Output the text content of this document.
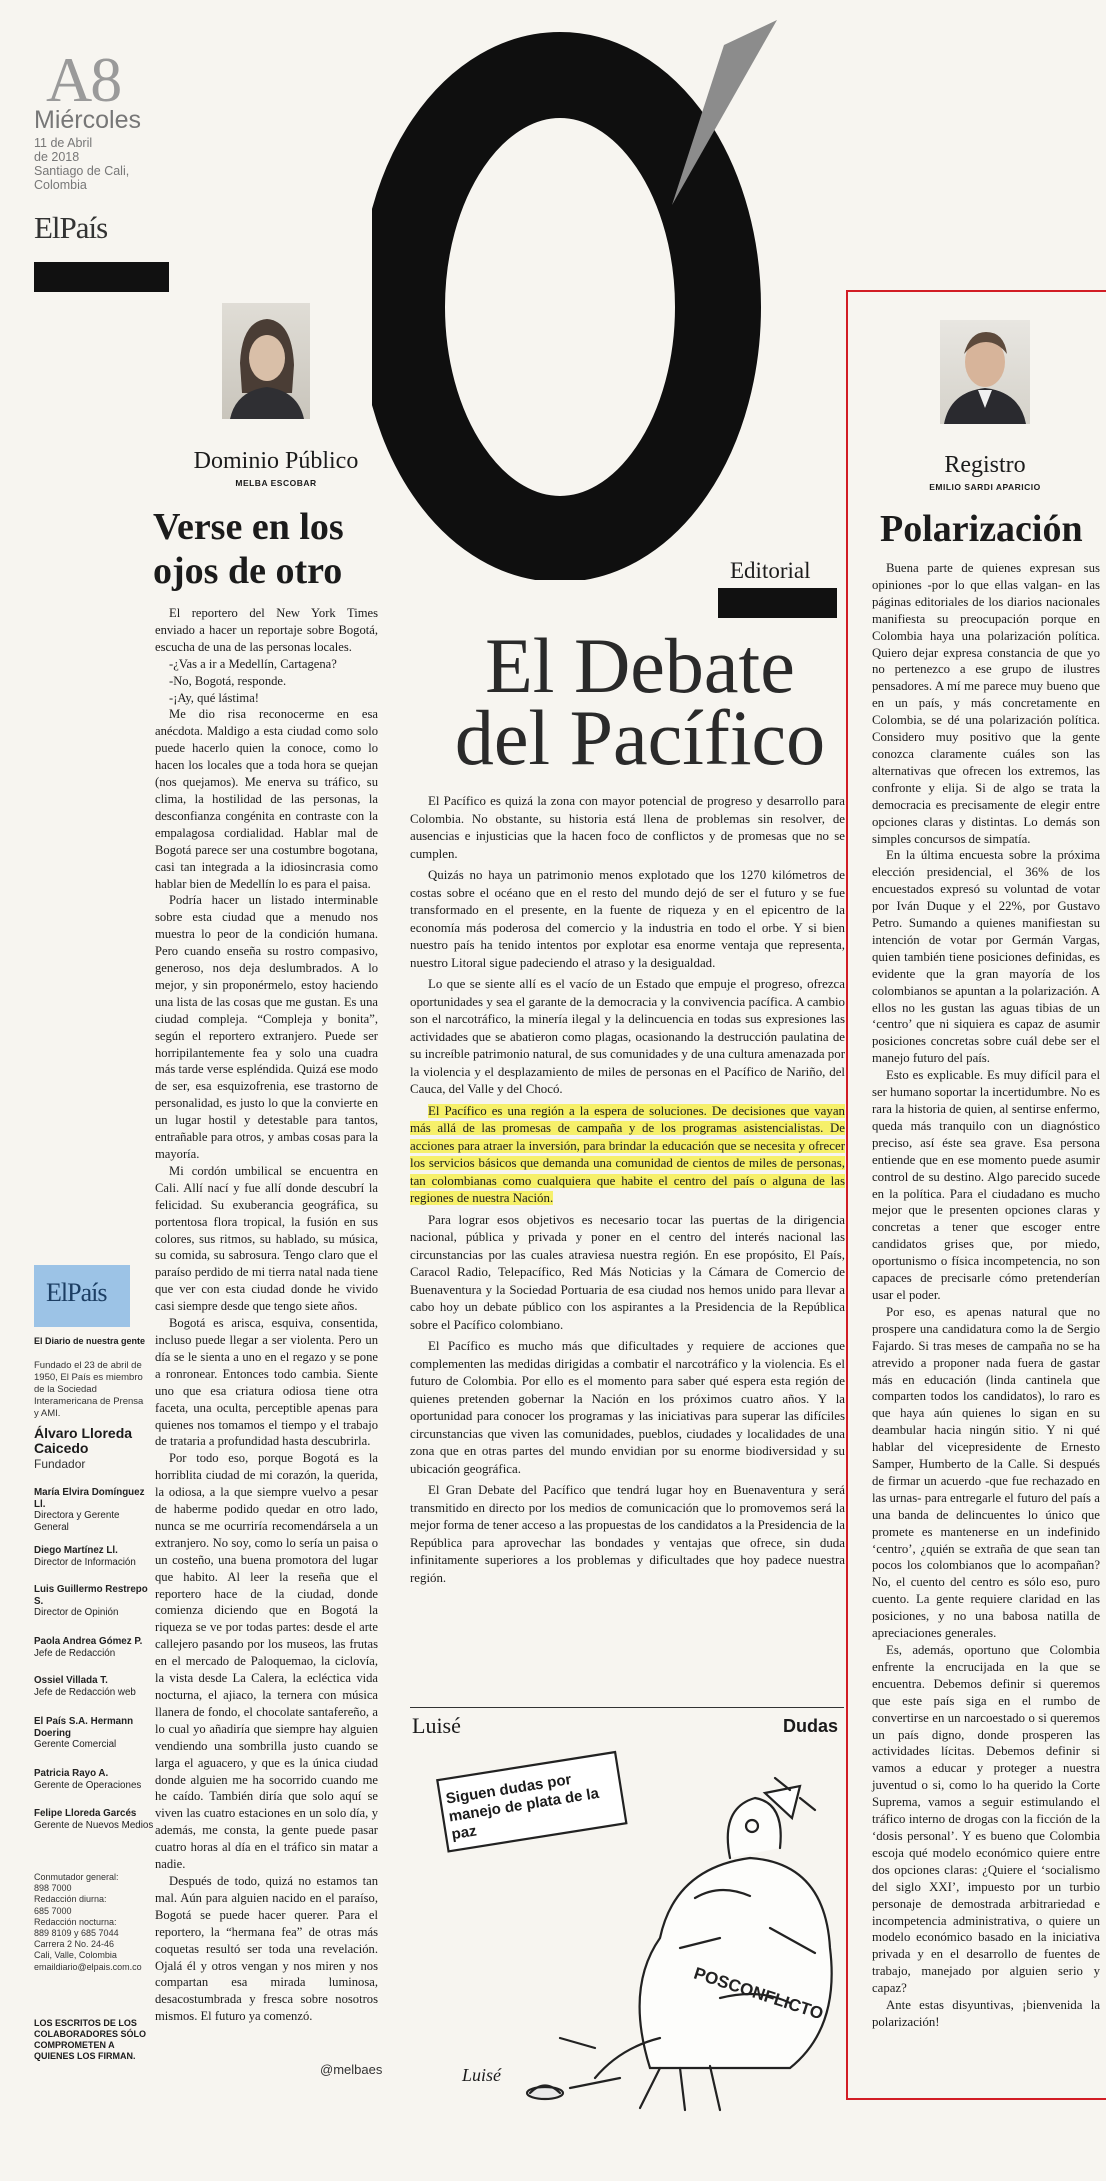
A8
Miércoles
11 de Abril
de 2018
Santiago de Cali,
Colombia
ElPaís
Dominio Público
MELBA ESCOBAR
Verse en los ojos de otro

El reportero del New York Times enviado a hacer un reportaje sobre Bogotá, escucha de una de las personas locales.

-¿Vas a ir a Medellín, Cartagena?

-No, Bogotá, responde.

-¡Ay, qué lástima!

Me dio risa reconocerme en esa anécdota. Maldigo a esta ciudad como solo puede hacerlo quien la conoce, como lo hacen los locales que a toda hora se quejan (nos quejamos). Me enerva su tráfico, su clima, la hostilidad de las personas, la desconfianza congénita en contraste con la empalagosa cordialidad. Hablar mal de Bogotá parece ser una costumbre bogotana, casi tan integrada a la idiosincrasia como hablar bien de Medellín lo es para el paisa.

Podría hacer un listado interminable sobre esta ciudad que a menudo nos muestra lo peor de la condición humana. Pero cuando enseña su rostro compasivo, generoso, nos deja deslumbrados. A lo mejor, y sin proponérmelo, estoy haciendo una lista de las cosas que me gustan. Es una ciudad compleja. “Compleja y bonita”, según el reportero extranjero. Puede ser horripilantemente fea y solo una cuadra más tarde verse espléndida. Quizá ese modo de ser, esa esquizofrenia, ese trastorno de personalidad, es justo lo que la convierte en un lugar hostil y detestable para tantos, entrañable para otros, y ambas cosas para la mayoría.

Mi cordón umbilical se encuentra en Cali. Allí nací y fue allí donde descubrí la felicidad. Su exuberancia geográfica, su portentosa flora tropical, la fusión en sus colores, sus ritmos, su hablado, su música, su comida, su sabrosura. Tengo claro que el paraíso perdido de mi tierra natal nada tiene que ver con esta ciudad donde he vivido casi siempre desde que tengo siete años.

Bogotá es arisca, esquiva, consentida, incluso puede llegar a ser violenta. Pero un día se le sienta a uno en el regazo y se pone a ronronear. Entonces todo cambia. Siente uno que esa criatura odiosa tiene otra faceta, una oculta, perceptible apenas para quienes nos tomamos el tiempo y el trabajo de trataria a profundidad hasta descubrirla.

Por todo eso, porque Bogotá es la horriblita ciudad de mi corazón, la querida, la odiosa, a la que siempre vuelvo a pesar de haberme podido quedar en otro lado, nunca se me ocurriría recomendársela a un extranjero. No soy, como lo sería un paisa o un costeño, una buena promotora del lugar que habito. Al leer la reseña que el reportero hace de la ciudad, donde comienza diciendo que en Bogotá la riqueza se ve por todas partes: desde el arte callejero pasando por los museos, las frutas en el mercado de Paloquemao, la ciclovía, la vista desde La Calera, la ecléctica vida nocturna, el ajiaco, la ternera con música llanera de fondo, el chocolate santafereño, a lo cual yo añadiría que siempre hay alguien vendiendo una sombrilla justo cuando se larga el aguacero, y que es la única ciudad donde alguien me ha socorrido cuando me he caído. También diría que solo aquí se viven las cuatro estaciones en un solo día, y además, me consta, la gente puede pasar cuatro horas al día en el tráfico sin matar a nadie.

Después de todo, quizá no estamos tan mal. Aún para alguien nacido en el paraíso, Bogotá se puede hacer querer. Para el reportero, la “hermana fea” de otras más coquetas resultó ser toda una revelación. Ojalá él y otros vengan y nos miren y nos compartan esa mirada luminosa, desacostumbrada y fresca sobre nosotros mismos. El futuro ya comenzó.

@melbaes
ElPaís
El Diario de nuestra gente
Fundado el 23 de abril de 1950, El País es miembro de la Sociedad Interamericana de Prensa y AMI.
Álvaro Lloreda Caicedo
Fundador
María Elvira Domínguez Ll.
Directora y Gerente General
Diego Martínez Ll.
Director de Información
Luis Guillermo Restrepo S.
Director de Opinión
Paola Andrea Gómez P.
Jefe de Redacción
Ossiel Villada T.
Jefe de Redacción web
El País S.A. Hermann Doering
Gerente Comercial
Patricia Rayo A.
Gerente de Operaciones
Felipe Lloreda Garcés
Gerente de Nuevos Medios
Conmutador general:
898 7000
Redacción diurna:
685 7000
Redacción nocturna:
889 8109 y 685 7044
Carrera 2 No. 24-46
Cali, Valle, Colombia
emaildiario@elpais.com.co
LOS ESCRITOS DE LOS COLABORADORES SÓLO COMPROMETEN A QUIENES LOS FIRMAN.
Editorial
El Debate
del Pacífico

El Pacífico es quizá la zona con mayor potencial de progreso y desarrollo para Colombia. No obstante, su historia está llena de problemas sin resolver, de ausencias e injusticias que la hacen foco de conflictos y de promesas que no se cumplen.

Quizás no haya un patrimonio menos explotado que los 1270 kilómetros de costas sobre el océano que en el resto del mundo dejó de ser el futuro y se fue transformado en el presente, en la fuente de riqueza y en el epicentro de la economía más poderosa del comercio y la industria en todo el orbe. Y si bien nuestro país ha tenido intentos por explotar esa enorme ventaja que representa, nuestro Litoral sigue padeciendo el atraso y la desigualdad.

Lo que se siente allí es el vacío de un Estado que empuje el progreso, ofrezca oportunidades y sea el garante de la democracia y la convivencia pacífica. A cambio son el narcotráfico, la minería ilegal y la delincuencia en todas sus expresiones las actividades que se abatieron como plagas, ocasionando la destrucción paulatina de su increíble patrimonio natural, de sus comunidades y de una cultura amenazada por la violencia y el desplazamiento de miles de personas en el Pacífico de Nariño, del Cauca, del Valle y del Chocó.

El Pacífico es una región a la espera de soluciones. De decisiones que vayan más allá de las promesas de campaña y de los programas asistencialistas. De acciones para atraer la inversión, para brindar la educación que se necesita y ofrecer los servicios básicos que demanda una comunidad de cientos de miles de personas, tan colombianas como cualquiera que habite el centro del país o alguna de las regiones de nuestra Nación.

Para lograr esos objetivos es necesario tocar las puertas de la dirigencia nacional, pública y privada y poner en el centro del interés nacional las circunstancias por las cuales atraviesa nuestra región. En ese propósito, El País, Caracol Radio, Telepacífico, Red Más Noticias y la Cámara de Comercio de Buenaventura y la Sociedad Portuaria de esa ciudad nos hemos unido para llevar a cabo hoy un debate público con los aspirantes a la Presidencia de la República sobre el Pacífico colombiano.

El Pacífico es mucho más que dificultades y requiere de acciones que complementen las medidas dirigidas a combatir el narcotráfico y la violencia. Es el futuro de Colombia. Por ello es el momento para saber qué espera esta región de quienes pretenden gobernar la Nación en los próximos cuatro años. Y la oportunidad para conocer los programas y las iniciativas para superar las difíciles circunstancias que viven las comunidades, pueblos, ciudades y localidades de una zona que en otras partes del mundo envidian por su enorme biodiversidad y su ubicación geográfica.

El Gran Debate del Pacífico que tendrá lugar hoy en Buenaventura y será transmitido en directo por los medios de comunicación que lo promovemos será la mejor forma de tener acceso a las propuestas de los candidatos a la Presidencia de la República para aprovechar las bondades y ventajas que ofrece, sin duda infinitamente superiores a los problemas y dificultades que hoy padece nuestra región.

Luisé	Dudas
POSCONFLICTO
Siguen dudas por manejo de plata de la paz
Luisé
Registro
EMILIO SARDI APARICIO
Polarización

Buena parte de quienes expresan sus opiniones -por lo que ellas valgan- en las páginas editoriales de los diarios nacionales manifiesta su preocupación porque en Colombia haya una polarización política. Quiero dejar expresa constancia de que yo no pertenezco a ese grupo de ilustres pensadores. A mí me parece muy bueno que en un país, y más concretamente en Colombia, se dé una polarización política. Considero muy positivo que la gente conozca claramente cuáles son las alternativas que ofrecen los extremos, las confronte y elija. Si de algo se trata la democracia es precisamente de elegir entre opciones claras y distintas. Lo demás son simples concursos de simpatía.

En la última encuesta sobre la próxima elección presidencial, el 36% de los encuestados expresó su voluntad de votar por Iván Duque y el 22%, por Gustavo Petro. Sumando a quienes manifiestan su intención de votar por Germán Vargas, quien también tiene posiciones definidas, es evidente que la gran mayoría de los colombianos se apuntan a la polarización. A ellos no les gustan las aguas tibias de un ‘centro’ que ni siquiera es capaz de asumir posiciones concretas sobre cuál debe ser el manejo futuro del país.

Esto es explicable. Es muy difícil para el ser humano soportar la incertidumbre. No es rara la historia de quien, al sentirse enfermo, queda más tranquilo con un diagnóstico preciso, así éste sea grave. Esa persona entiende que en ese momento puede asumir control de su destino. Algo parecido sucede en la política. Para el ciudadano es mucho mejor que le presenten opciones claras y concretas a tener que escoger entre candidatos grises que, por miedo, oportunismo o física incompetencia, no son capaces de precisarle cómo pretenderían usar el poder.

Por eso, es apenas natural que no prospere una candidatura como la de Sergio Fajardo. Si tras meses de campaña no se ha atrevido a proponer nada fuera de gastar más en educación (linda cantinela que comparten todos los candidatos), lo raro es que haya aún quienes lo sigan en su deambular hacia ningún sitio. Y ni qué hablar del vicepresidente de Ernesto Samper, Humberto de la Calle. Si después de firmar un acuerdo -que fue rechazado en las urnas- para entregarle el futuro del país a una banda de delincuentes lo único que promete es mantenerse en un indefinido ‘centro’, ¿quién se extraña de que sean tan pocos los colombianos que lo acompañan? No, el cuento del centro es sólo eso, puro cuento. La gente requiere claridad en las posiciones, y no una babosa natilla de apreciaciones generales.

Es, además, oportuno que Colombia enfrente la encrucijada en la que se encuentra. Debemos definir si queremos que este país siga en el rumbo de convertirse en un narcoestado o si queremos un país digno, donde prosperen las actividades lícitas. Debemos definir si vamos a educar y proteger a nuestra juventud o si, como lo ha querido la Corte Suprema, vamos a seguir estimulando el tráfico interno de drogas con la ficción de la ‘dosis personal’. Y es bueno que Colombia escoja qué modelo económico quiere entre dos opciones claras: ¿Quiere el ‘socialismo del siglo XXI’, impuesto por un turbio personaje de demostrada arbitrariedad e incompetencia administrativa, o quiere un modelo económico basado en la iniciativa privada y en el desarrollo de fuentes de trabajo, manejado por alguien serio y capaz?

Ante estas disyuntivas, ¡bienvenida la polarización!
